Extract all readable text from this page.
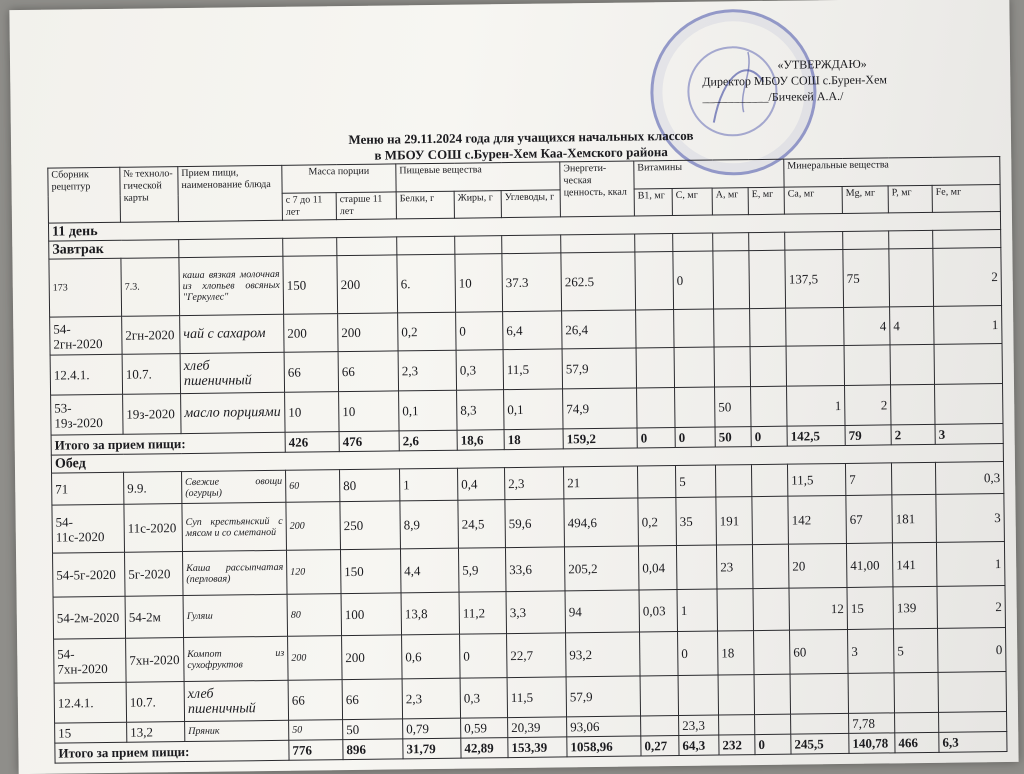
«УТВЕРЖДАЮ»
Директор МБОУ СОШ с.Бурен-Хем
___________/Бичекей А.А./
Меню на 29.11.2024 года для учащихся начальных классов
в МБОУ СОШ с.Бурен-Хем Каа-Хемского района
Сборник рецептур	№ техноло-гической карты	Прием пищи, наименование блюда	Масса порции		Пищевые вещества			Энергети-ческая ценность, ккал	Витамины				Минеральные вещества			
			с 7 до 11 лет	старше 11 лет	Белки, г	Жиры, г	Углеводы, г		B1, мг	C, мг	A, мг	E, мг	Ca, мг	Mg, мг	P, мг	Fe, мг
11 день																
Завтрак																
173	7.3.	каша вязкая молочная из хлопьев овсяных "Геркулес"	150	200	6.	10	37.3	262.5		0			137,5	75		2
54-2гн-2020	2гн-2020	чай с сахаром	200	200	0,2	0	6,4	26,4						4	4	1
12.4.1.	10.7.	хлеб пшеничный	66	66	2,3	0,3	11,5	57,9								
53-19з-2020	19з-2020	масло порциями	10	10	0,1	8,3	0,1	74,9			50		1	2		
Итого за прием пищи:			426	476	2,6	18,6	18	159,2	0	0	50	0	142,5	79	2	3
Обед																
71	9.9.	Свежие овощи (огурцы)	60	80	1	0,4	2,3	21		5			11,5	7		0,3
54-11с-2020	11с-2020	Суп крестьянский с мясом и со сметаной	200	250	8,9	24,5	59,6	494,6	0,2	35	191		142	67	181	3
54-5г-2020	5г-2020	Каша рассыпчатая (перловая)	120	150	4,4	5,9	33,6	205,2	0,04		23		20	41,00	141	1
54-2м-2020	54-2м	Гуляш	80	100	13,8	11,2	3,3	94	0,03	1			12	15	139	2
54-7хн-2020	7хн-2020	Компот из сухофруктов	200	200	0,6	0	22,7	93,2		0	18		60	3	5	0
12.4.1.	10.7.	хлеб пшеничный	66	66	2,3	0,3	11,5	57,9								
15	13,2	Пряник	50	50	0,79	0,59	20,39	93,06		23,3				7,78		
Итого за прием пищи:			776	896	31,79	42,89	153,39	1058,96	0,27	64,3	232	0	245,5	140,78	466	6,3
